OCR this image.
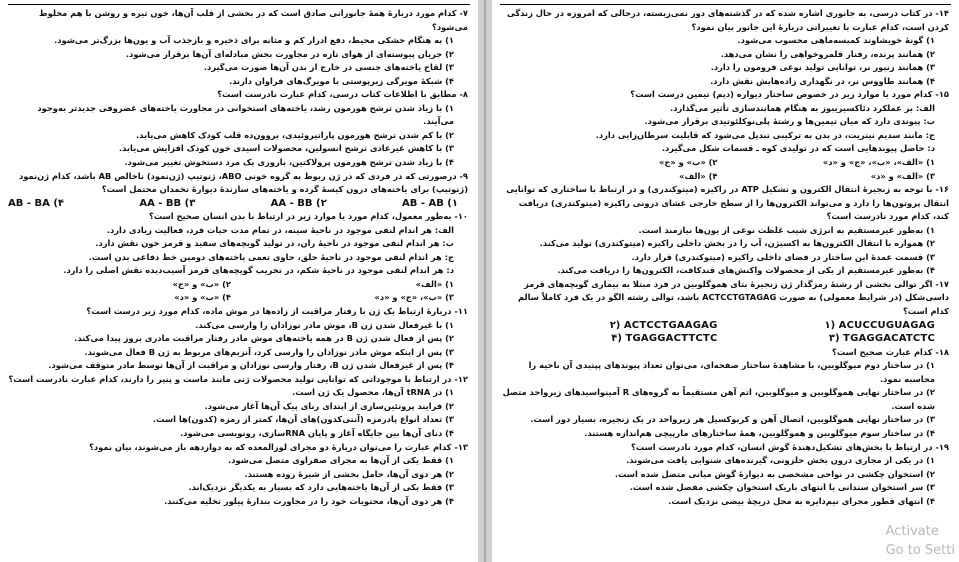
۷- کدام مورد دربارهٔ همهٔ جانورانی صادق است که در بخشی از قلب آن‌ها، خون تیره و روشن با هم مخلوط می‌شود؟
۱) به هنگام خشکی محیط، دفع ادرار کم و مثانه برای ذخیره و بازجذب آب و یون‌ها بزرگ‌تر می‌شود.
۲) جریان پیوسته‌ای از هوای تازه در مجاورت بخش مبادله‌ای آن‌ها برقرار می‌شود.
۳) لقاح یاخته‌های جنسی در خارج از بدن آن‌ها صورت می‌گیرد.
۴) شبکهٔ مویرگی زیرپوستی با مویرگ‌های فراوان دارند.
۸- مطابق با اطلاعات کتاب درسی، کدام عبارت نادرست است؟
۱) با زیاد شدن ترشح هورمون رشد، یاخته‌های استخوانی در مجاورت یاخته‌های غضروفی جدیدتر به‌وجود می‌آیند.
۲) با کم شدن ترشح هورمون پاراتیروئیدی، بروون‌ده قلب کودک کاهش می‌یابد.
۳) با کاهش غیرعادی ترشح انسولین، محصولات اسیدی خون کودک افزایش می‌یابد.
۴) با زیاد شدن ترشح هورمون پرولاکتین، باروری یک مرد دستخوش تغییر می‌شود.
۹- درصورتی که در فردی که در ژن ربوط به گروه خونی ABO، ژنوتیپ (ژن‌نمود) ناخالص AB باشد، کدام ژن‌نمود (ژنوتیپ) برای یاخته‌های درون کیسهٔ گرده و یاخته‌های سازندهٔ دیوارهٔ تخمدان محتمل است؟
۱) AB - AB
۲) AA - BB
۳) AA - BB
۴) AB - BA
۱۰- به‌طور معمول، کدام مورد یا موارد زیر در ارتباط با بدن انسان صحیح است؟
الف: هر اندام لنفی موجود در ناحیهٔ سینه، در تمام مدت حیات فرد، فعالیت زیادی دارد.
ب: هر اندام لنفی موجود در ناحیهٔ ران، در تولید گویچه‌های سفید و قرمز خون نقش دارد.
ج: هر اندام لنفی موجود در ناحیهٔ حلق، حاوی تعمی یاخته‌های دومین خط دفاعی بدن است.
د: هر اندام لنفی موجود در ناحیهٔ شکم، در تخریب گویچه‌های قرمز آسیب‌دیده نقش اصلی را دارد.
۱) «الف»
۲) «ب» و «ج»
۳) «ب»، «ج» و «د»
۴) «ب» و «د»
۱۱- دربارهٔ ارتباط یک ژن با رفتار مراقبت از زاده‌ها در موش ماده، کدام مورد زیر درست است؟
۱) با غیرفعال شدن ژن B، موش مادر نوزادان را وارسی می‌کند.
۲) پس از فعال شدن ژن B در همه یاخته‌های موش مادر رفتار مراقبت مادری بروز پیدا می‌کند.
۳) پس از اینکه موش مادر نوزادان را وارسی کرد، آنزیم‌های مربوط به ژن B فعال می‌شوند.
۴) پس از غیرفعال شدن ژن B، رفتار وارسی نوزادان و مراقبت از آن‌ها توسط مادر متوقف می‌شود.
۱۲- در ارتباط با موجوداتی که توانایی تولید محصولات ژنی مانند ماست و پنیر را دارند، کدام عبارت نادرست است؟
۱) در tRNA آن‌ها، محصول یک ژن است.
۲) فرایند پروتئین‌سازی از ابتدای رنای پیک آن‌ها آغاز می‌شود.
۳) تعداد انواع پادرمزه (آنتی‌کدون)‌های آن‌ها، کمتر از رمزه (کدون)‌ها است.
۴) دنای آن‌ها بین جایگاه آغاز و پایان RNAسازی، رونویسی می‌شود.
۱۳- کدام عبارت را می‌توان دربارهٔ دو مجرای لوزالمعده که به دوازدهه باز می‌شوند، بیان نمود؟
۱) فقط یکی از آن‌ها به مجرای صفراوی متصل می‌شود.
۲) هر دوی آن‌ها، حامل بخشی از شیرهٔ روده هستند.
۳) فقط یکی از آن‌ها یاخته‌هایی دارد که بسیار به یکدیگر نزدیک‌اند.
۴) هر دوی آن‌ها، محتویات خود را در مجاورت بندارهٔ پیلور تخلیه می‌کنند.
۱۴- در کتاب درسی، به جانوری اشاره شده که در گذشته‌های دور نمی‌زیسته، درحالی که امروزه در حال زندگی کردن است، کدام عبارت با تغییراتی دربارهٔ این جانور بیان نمود؟
۱) گونهٔ خویشاوند کمیسه‌ماهی محسوب می‌شود.
۲) همانند پرنده، رفتار قلمروخواهی را نشان می‌دهد.
۳) همانند زنبور نر، توانایی تولید نوعی فرومون را دارد.
۴) همانند طاووس نر، در نگهداری زاده‌هایش نقش دارد.
۱۵- کدام مورد یا موارد زیر در خصوص ساختار دیواره (دیم) تیمین درست است؟
الف: بر عملکرد دئاکسیریبوز به هنگام همانندسازی تأثیر می‌گذارد.
ب: پیوندی دارد که میان تیمین‌ها و رشتهٔ پلی‌نوکلئوتیدی برقرار می‌شود.
ج: مانند سدیم نیتریت، در بدن به ترکیبی تبدیل می‌شود که قابلیت سرطان‌زایی دارد.
د: حاصل پیوندهایی است که در تولیدی کوه ـ قسمات شکل می‌گیرد.
۱) «الف»، «ب»، «ج» و «د»
۲) «ب» و «ج»
۳) «الف» و «د»
۴) «الف»
۱۶- با توجه به زنجیرهٔ انتقال الکترون و تشکیل ATP در راکیزه (میتوکندری) و در ارتباط با ساختاری که توانایی انتقال پروتون‌ها را دارد و می‌تواند الکترون‌ها را از سطح خارجی غشای درونی راکیزه (میتوکندری) دریافت کند، کدام مورد نادرست است؟
۱) به‌طور غیرمستقیم به انرژی شیب غلظت نوعی از یون‌ها نیازمند است.
۲) همواره با انتقال الکترون‌ها به اکسیژن، آب را در بخش داخلی راکیزه (میتوکندری) تولید می‌کند.
۳) قسمت عمدهٔ این ساختار در فضای داخلی راکیزه (میتوکندری) قرار دارد.
۴) به‌طور غیرمستقیم از یکی از محصولات واکنش‌های قندکافت، الکترون‌ها را دریافت می‌کند.
۱۷- اگر توالی بخشی از رشتهٔ رمزگذار ژن زنجیرهٔ بتای هموگلوبین در فرد مبتلا به بیماری گویچه‌های قرمز داسی‌شکل (در شرایط معمولی) به صورت ACTCCTGTAGAG باشد، توالی رشته الگو در یک فرد کاملاً سالم کدام است؟
۱) ACUCCUGUAGAG
۲) ACTCCTGAAGAG
۳) TGAGGACATCTC
۴) TGAGGACTTCTC
۱۸- کدام عبارت صحیح است؟
۱) در ساختار دوم میوگلوبین، با مشاهدهٔ ساختار صفحه‌ای، می‌توان تعداد پیوندهای پپتیدی آن ناحیه را محاسبه نمود.
۲) در ساختار نهایی هموگلوبین و میوگلوبین، اتم آهن مستقیماً به گروه‌های R آمینواسیدهای زیرواحد متصل شده است.
۳) در ساختار نهایی هموگلوبین، اتصال آهن و کربوکسیل هر زیرواحد در یک زنجیره، بسیار دور است.
۴) در ساختار سوم میوگلوبین و هموگلوبین، همهٔ ساختارهای مارپیچی هم‌اندازه هستند.
۱۹- در ارتباط با بخش‌های تشکیل‌دهندهٔ گوش انسان، کدام مورد نادرست است؟
۱) در یکی از مجاری درون بخش حلزونی، گیرنده‌های شنوایی یافت می‌شوند.
۲) استخوان چکشی در نواحی مشخصی به دیوارهٔ گوش میانی متصل شده است.
۳) سر استخوان سندانی با انتهای باریک استخوان چکشی مفصل شده است.
۴) انتهای قطور مجرای نیم‌دایره به محل دریچهٔ بیضی نزدیک است.
Activate
Go to Setti
